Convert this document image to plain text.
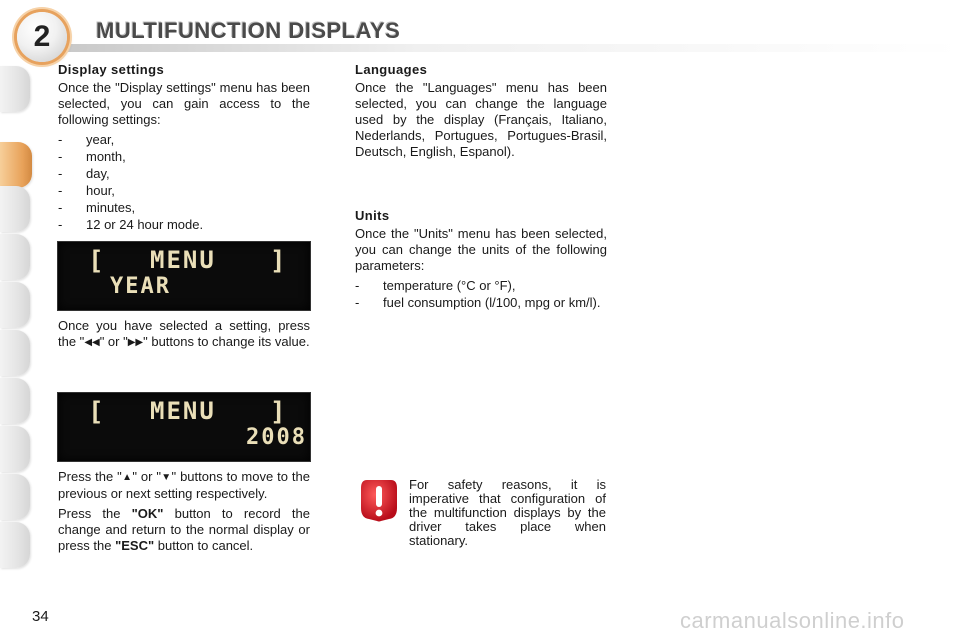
2	MULTIFUNCTION DISPLAYS
Display settings

Once the "Display settings" menu has been selected, you can gain access to the following settings:

- year,
- month,
- day,
- hour,
- minutes,
- 12 or 24 hour mode.
[ MENU ]
YEAR

Once you have selected a setting, press the "◀◀" or "▶▶" buttons to change its value.

[ MENU ]
2008

Press the "▲" or "▼" buttons to move to the previous or next setting respectively.

Press the "OK" button to record the change and return to the normal display or press the "ESC" button to cancel.

Languages

Once the "Languages" menu has been selected, you can change the language used by the display (Français, Italiano, Nederlands, Portugues, Portugues-Brasil, Deutsch, English, Espanol).

Units

Once the "Units" menu has been selected, you can change the units of the following parameters:

- temperature (°C or °F),
- fuel consumption (l/100, mpg or km/l).
For safety reasons, it is imperative that configuration of the multifunction displays by the driver takes place when stationary.
34	carmanualsonline.info
